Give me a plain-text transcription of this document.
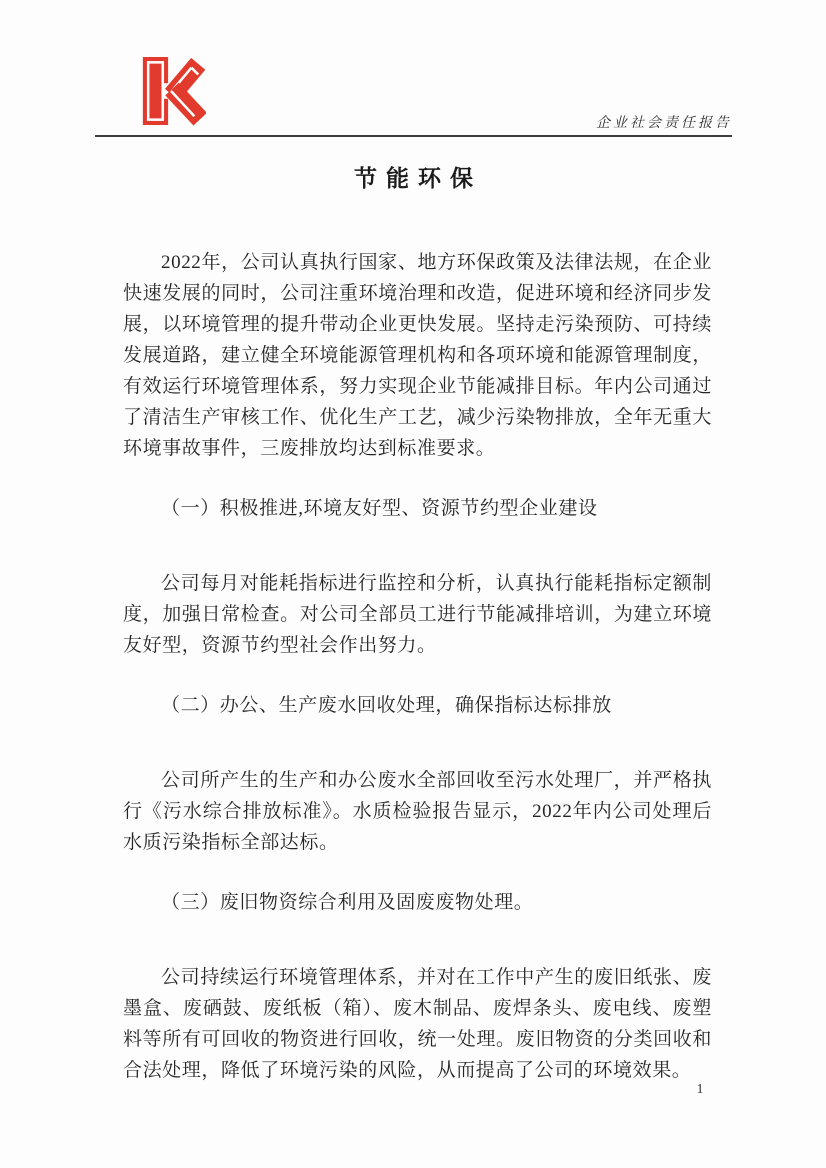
企业社会责任报告
节能环保

2022年，公司认真执行国家、地方环保政策及法律法规，在企业快速发展的同时，公司注重环境治理和改造，促进环境和经济同步发展，以环境管理的提升带动企业更快发展。坚持走污染预防、可持续发展道路，建立健全环境能源管理机构和各项环境和能源管理制度，有效运行环境管理体系，努力实现企业节能减排目标。年内公司通过了清洁生产审核工作、优化生产工艺，减少污染物排放，全年无重大环境事故事件，三废排放均达到标准要求。

（一）积极推进,环境友好型、资源节约型企业建设

公司每月对能耗指标进行监控和分析，认真执行能耗指标定额制度，加强日常检查。对公司全部员工进行节能减排培训，为建立环境友好型，资源节约型社会作出努力。

（二）办公、生产废水回收处理，确保指标达标排放

公司所产生的生产和办公废水全部回收至污水处理厂，并严格执行《污水综合排放标准》。水质检验报告显示，2022年内公司处理后水质污染指标全部达标。

（三）废旧物资综合利用及固废废物处理。

公司持续运行环境管理体系，并对在工作中产生的废旧纸张、废墨盒、废硒鼓、废纸板（箱）、废木制品、废焊条头、废电线、废塑料等所有可回收的物资进行回收，统一处理。废旧物资的分类回收和合法处理，降低了环境污染的风险，从而提高了公司的环境效果。

1
